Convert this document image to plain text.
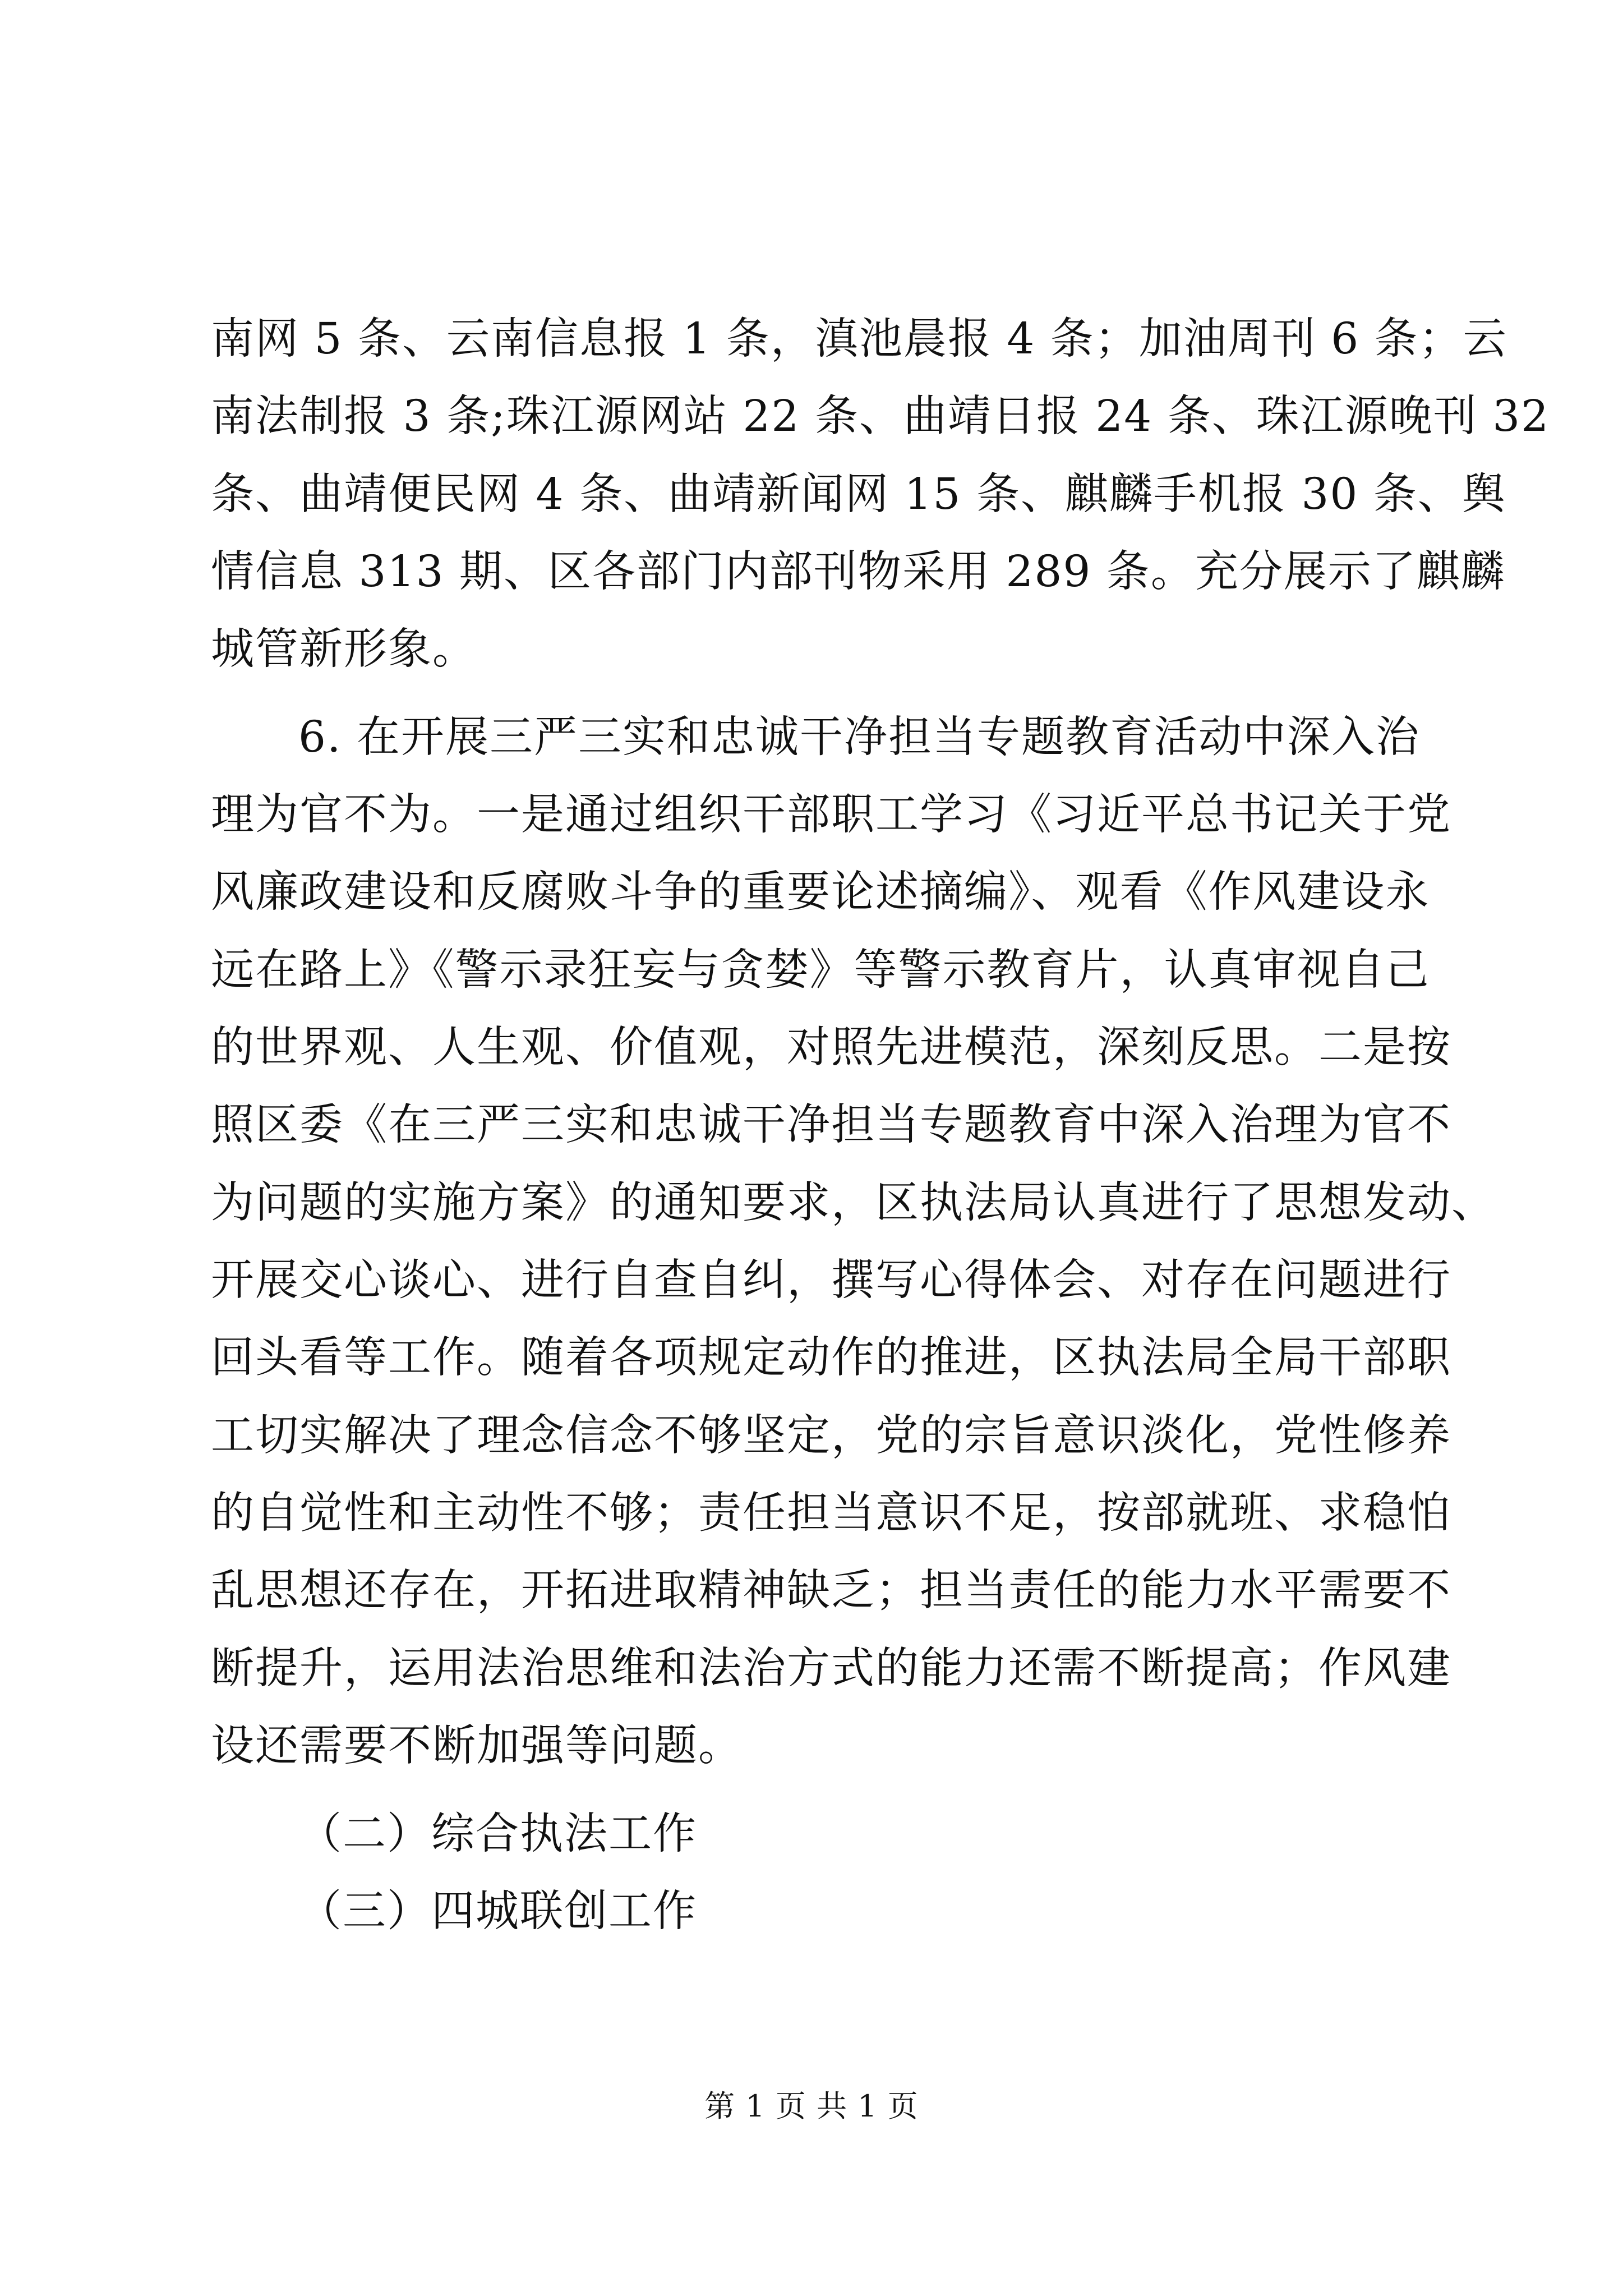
南网 5 条、云南信息报 1 条，滇池晨报 4 条；加油周刊 6 条；云
南法制报 3 条;珠江源网站 22 条、曲靖日报 24 条、珠江源晚刊 32
条、曲靖便民网 4 条、曲靖新闻网 15 条、麒麟手机报 30 条、舆
情信息 313 期、区各部门内部刊物采用 289 条。充分展示了麒麟
城管新形象。
6. 在开展三严三实和忠诚干净担当专题教育活动中深入治
理为官不为。一是通过组织干部职工学习《习近平总书记关于党
风廉政建设和反腐败斗争的重要论述摘编》、观看《作风建设永
远在路上》《警示录狂妄与贪婪》等警示教育片，认真审视自己
的世界观、人生观、价值观，对照先进模范，深刻反思。二是按
照区委《在三严三实和忠诚干净担当专题教育中深入治理为官不
为问题的实施方案》的通知要求，区执法局认真进行了思想发动、
开展交心谈心、进行自查自纠，撰写心得体会、对存在问题进行
回头看等工作。随着各项规定动作的推进，区执法局全局干部职
工切实解决了理念信念不够坚定，党的宗旨意识淡化，党性修养
的自觉性和主动性不够；责任担当意识不足，按部就班、求稳怕
乱思想还存在，开拓进取精神缺乏；担当责任的能力水平需要不
断提升，运用法治思维和法治方式的能力还需不断提高；作风建
设还需要不断加强等问题。
（二）综合执法工作
（三）四城联创工作
第 1 页 共 1 页
